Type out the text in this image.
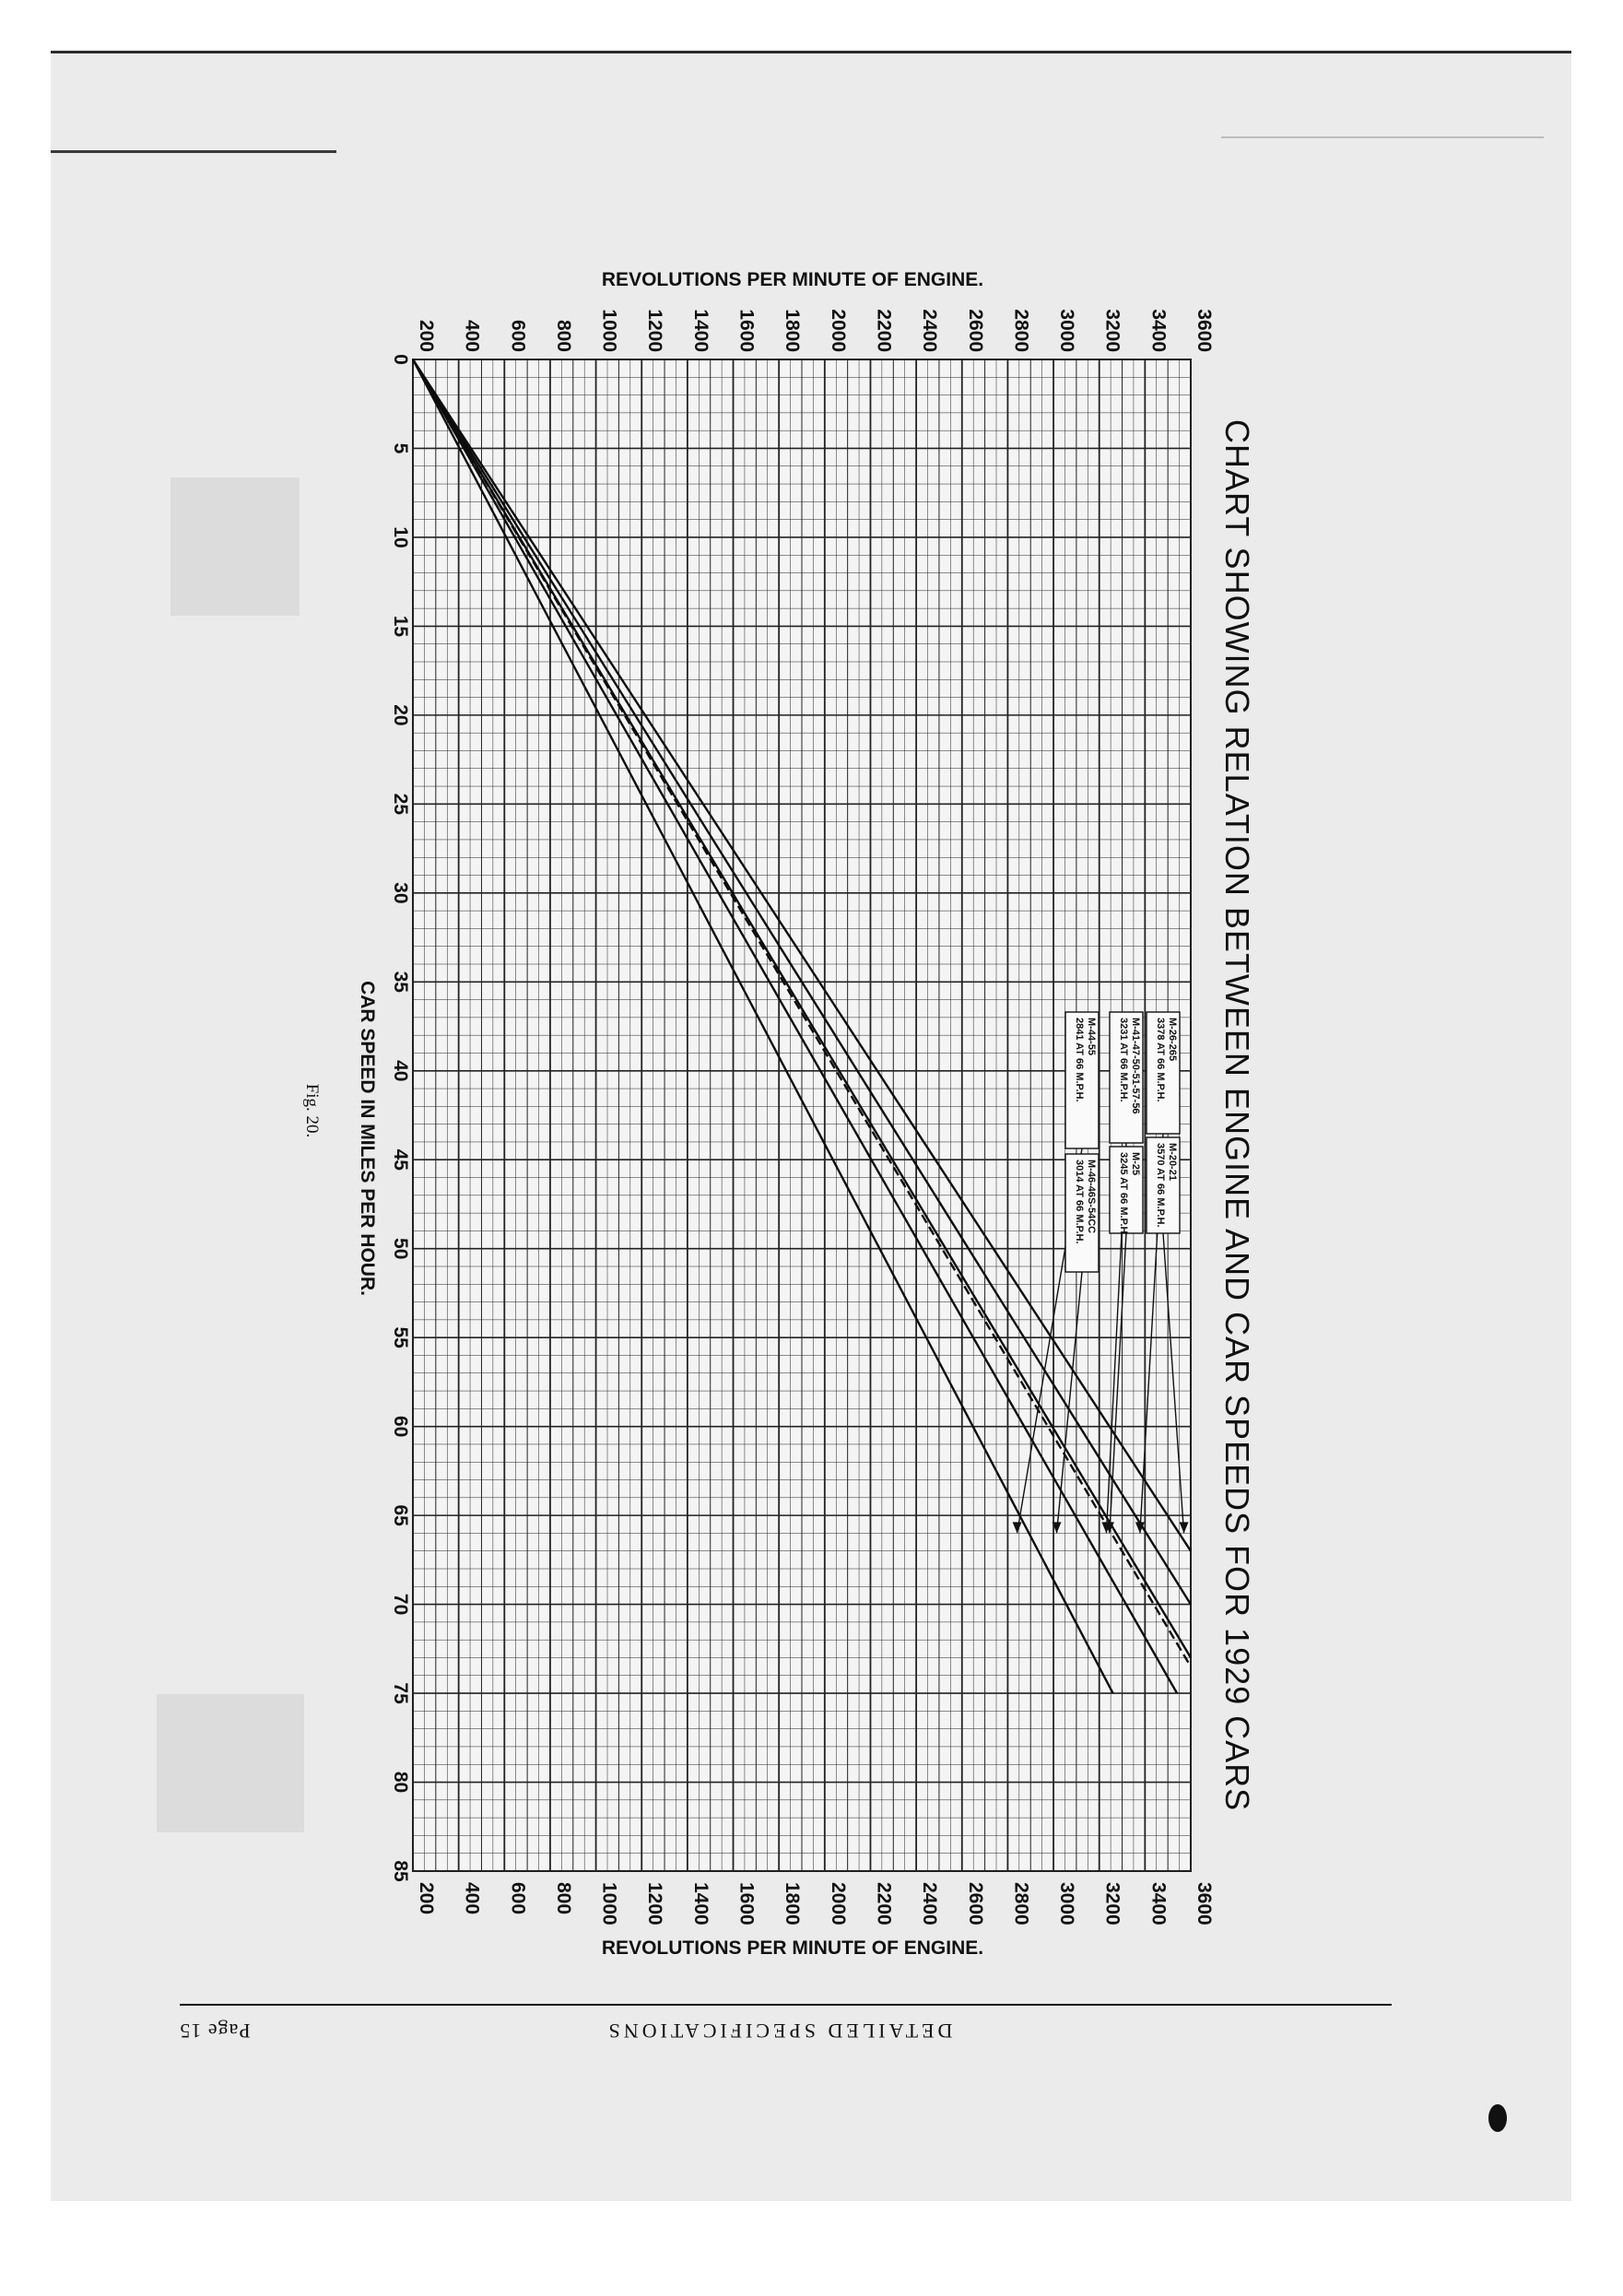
M-26-265
3378 AT 66 M.P.H.
M-20-21
3570 AT 66 M.P.H.
M-41-47-50-51-57-56
3231 AT 66 M.P.H.
M-25
3245 AT 66 M.P.H.
M-44-55
2841 AT 66 M.P.H.
M-46-46S-54CC
3014 AT 66 M.P.H.
0
5
10
15
20
25
30
35
40
45
50
55
60
65
70
75
80
85
200
200
400
400
600
600
800
800
1000
1000
1200
1200
1400
1400
1600
1600
1800
1800
2000
2000
2200
2200
2400
2400
2600
2600
2800
2800
3000
3000
3200
3200
3400
3400
3600
3600
CHART SHOWING RELATION BETWEEN ENGINE AND CAR SPEEDS FOR 1929 CARS
REVOLUTIONS PER MINUTE OF ENGINE.
REVOLUTIONS PER MINUTE OF ENGINE.
CAR SPEED IN MILES PER HOUR.
Fig. 20.
DETAILED SPECIFICATIONS
Page 15
